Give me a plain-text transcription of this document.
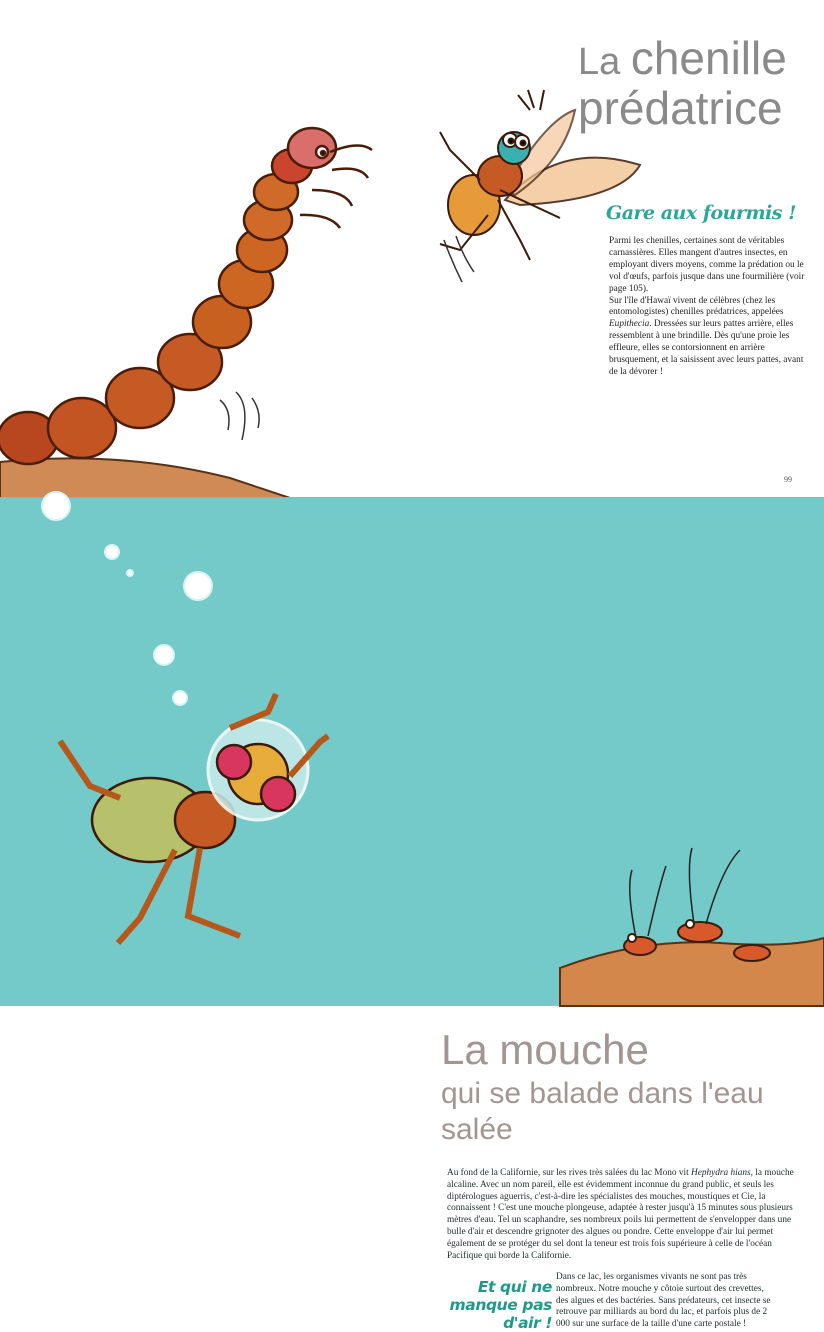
La chenille
prédatrice
Gare aux fourmis !

Parmi les chenilles, certaines sont de véritables carnassières. Elles mangent d'autres insectes, en employant divers moyens, comme la prédation ou le vol d'œufs, parfois jusque dans une fourmilière (voir page 105).

Sur l'île d'Hawaï vivent de célèbres (chez les entomologistes) chenilles prédatrices, appelées Eupithecia. Dressées sur leurs pattes arrière, elles ressemblent à une brindille. Dès qu'une proie les effleure, elles se contorsionnent en arrière brusquement, et la saisissent avec leurs pattes, avant de la dévorer !

99
La mouche
qui se balade dans l'eau
salée

Au fond de la Californie, sur les rives très salées du lac Mono vit Hephydra hians, la mouche alcaline. Avec un nom pareil, elle est évidemment inconnue du grand public, et seuls les diptérologues aguerris, c'est-à-dire les spécialistes des mouches, moustiques et Cie, la connaissent ! C'est une mouche plongeuse, adaptée à rester jusqu'à 15 minutes sous plusieurs mètres d'eau. Tel un scaphandre, ses nombreux poils lui permettent de s'envelopper dans une bulle d'air et descendre grignoter des algues ou pondre. Cette enveloppe d'air lui permet également de se protéger du sel dont la teneur est trois fois supérieure à celle de l'océan Pacifique qui borde la Californie.

Dans ce lac, les organismes vivants ne sont pas très nombreux. Notre mouche y côtoie surtout des crevettes, des algues et des bactéries. Sans prédateurs, cet insecte se retrouve par milliards au bord du lac, et parfois plus de 2 000 sur une surface de la taille d'une carte postale !

Et qui ne manque pas d'air !
